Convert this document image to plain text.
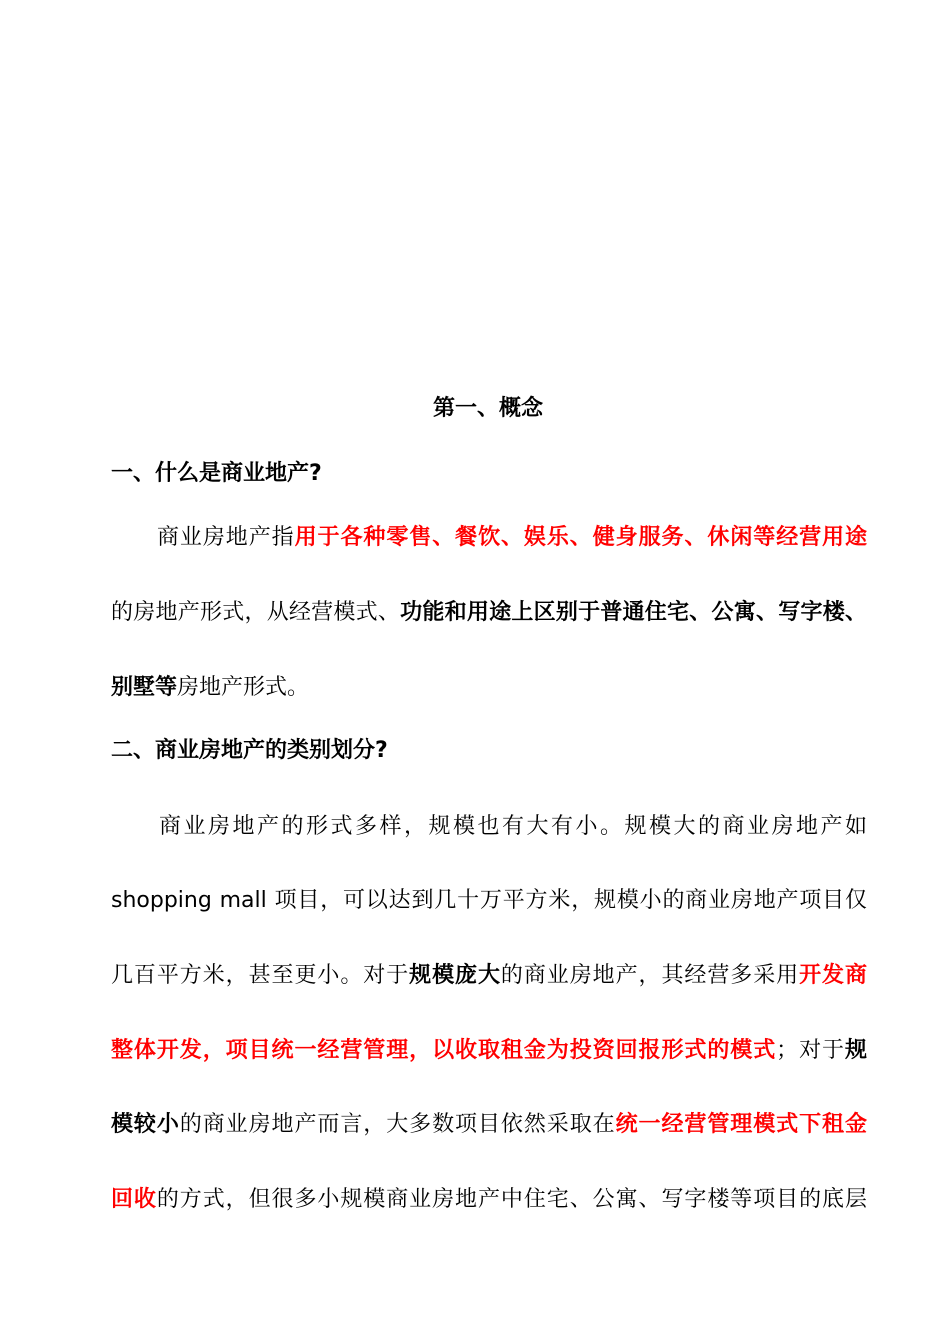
第一、概念
一、什么是商业地产?
商业房地产指用于各种零售、餐饮、娱乐、健身服务、休闲等经营用途
的房地产形式，从经营模式、功能和用途上区别于普通住宅、公寓、写字楼、
别墅等房地产形式。
二、商业房地产的类别划分?
商业房地产的形式多样，规模也有大有小。规模大的商业房地产如
shopping mall 项目，可以达到几十万平方米，规模小的商业房地产项目仅
几百平方米，甚至更小。对于规模庞大的商业房地产，其经营多采用开发商
整体开发，项目统一经营管理，以收取租金为投资回报形式的模式；对于规
模较小的商业房地产而言，大多数项目依然采取在统一经营管理模式下租金
回收的方式，但很多小规模商业房地产中住宅、公寓、写字楼等项目的底层
